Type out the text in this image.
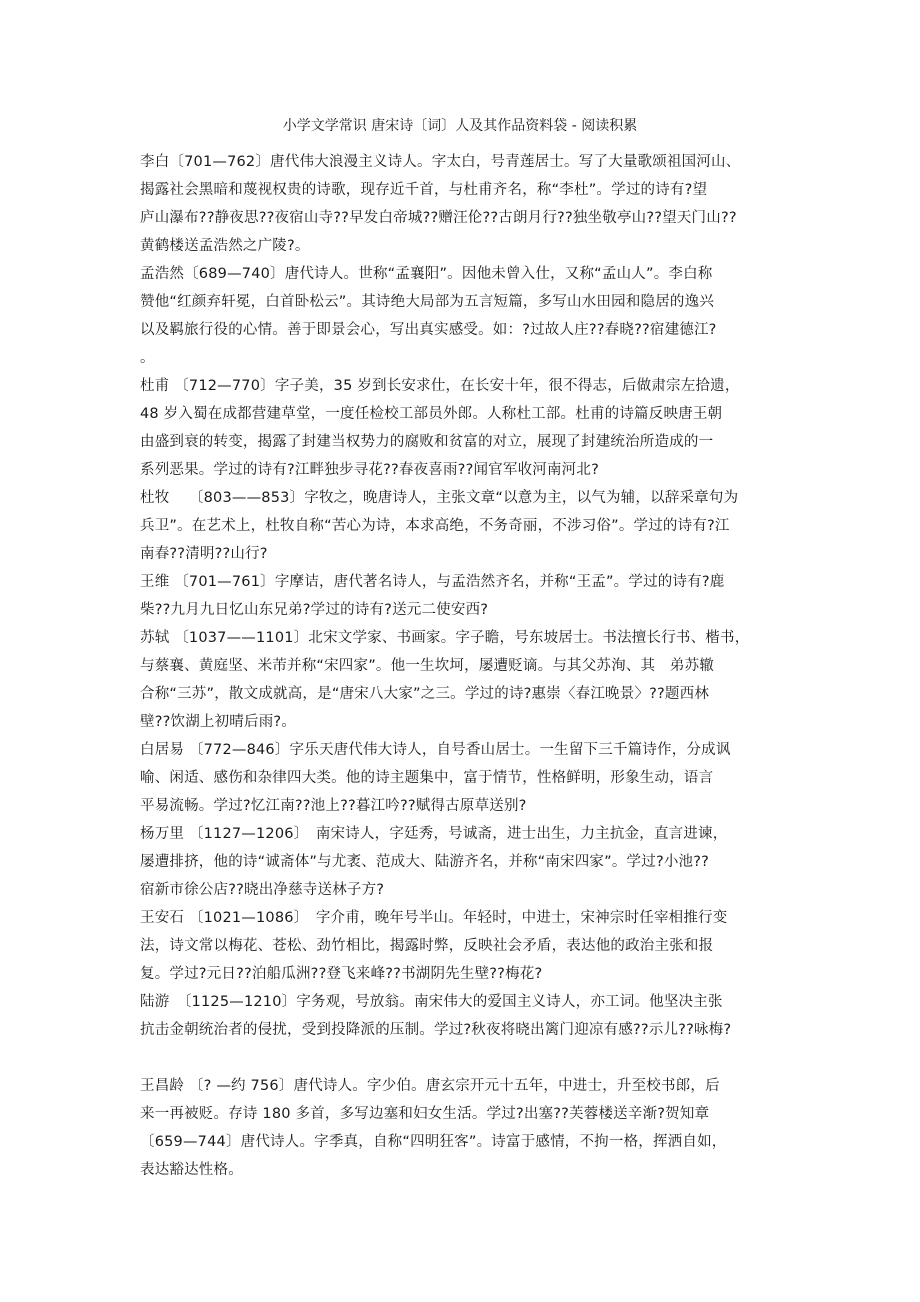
小学文学常识 唐宋诗〔词〕人及其作品资料袋 - 阅读积累
李白〔701—762〕唐代伟大浪漫主义诗人。字太白，号青莲居士。写了大量歌颂祖国河山、
揭露社会黑暗和蔑视权贵的诗歌，现存近千首，与杜甫齐名，称“李杜”。学过的诗有?望
庐山瀑布??静夜思??夜宿山寺??早发白帝城??赠汪伦??古朗月行??独坐敬亭山??望天门山??
黄鹤楼送孟浩然之广陵?。
孟浩然〔689—740〕唐代诗人。世称“孟襄阳”。因他未曾入仕，又称“孟山人”。李白称
赞他“红颜弃轩冕，白首卧松云”。其诗绝大局部为五言短篇，多写山水田园和隐居的逸兴
以及羁旅行役的心情。善于即景会心，写出真实感受。如：?过故人庄??春晓??宿建德江?
。
杜甫 〔712—770〕字子美，35 岁到长安求仕，在长安十年，很不得志，后做肃宗左拾遗，
48 岁入蜀在成都营建草堂，一度任检校工部员外郎。人称杜工部。杜甫的诗篇反映唐王朝
由盛到衰的转变，揭露了封建当权势力的腐败和贫富的对立，展现了封建统治所造成的一
系列恶果。学过的诗有?江畔独步寻花??春夜喜雨??闻官军收河南河北?
杜牧　 〔803——853〕字牧之，晚唐诗人，主张文章“以意为主，以气为辅，以辞采章句为
兵卫”。在艺术上，杜牧自称“苦心为诗，本求高绝，不务奇丽，不涉习俗”。学过的诗有?江
南春??清明??山行?
王维 〔701—761〕字摩诘，唐代著名诗人，与孟浩然齐名，并称“王孟”。学过的诗有?鹿
柴??九月九日忆山东兄弟?学过的诗有?送元二使安西?
苏轼 〔1037——1101〕北宋文学家、书画家。字子瞻，号东坡居士。书法擅长行书、楷书，
与蔡襄、黄庭坚、米芾并称“宋四家”。他一生坎坷，屡遭贬谪。与其父苏洵、其　弟苏辙
合称“三苏”，散文成就高，是“唐宋八大家”之三。学过的诗?惠崇〈春江晚景〉??题西林
壁??饮湖上初晴后雨?。
白居易 〔772—846〕字乐天唐代伟大诗人，自号香山居士。一生留下三千篇诗作，分成讽
喻、闲适、感伤和杂律四大类。他的诗主题集中，富于情节，性格鲜明，形象生动，语言
平易流畅。学过?忆江南??池上??暮江吟??赋得古原草送别?
杨万里 〔1127—1206〕　南宋诗人，字廷秀，号诚斋，进士出生，力主抗金，直言进谏，
屡遭排挤，他的诗“诚斋体”与尤袤、范成大、陆游齐名，并称“南宋四家”。学过?小池??
宿新市徐公店??晓出净慈寺送林子方?
王安石 〔1021—1086〕　字介甫，晚年号半山。年轻时，中进士，宋神宗时任宰相推行变
法，诗文常以梅花、苍松、劲竹相比，揭露时弊，反映社会矛盾，表达他的政治主张和报
复。学过?元日??泊船瓜洲??登飞来峰??书湖阴先生壁??梅花?
陆游　〔1125—1210〕字务观，号放翁。南宋伟大的爱国主义诗人，亦工词。他坚决主张
抗击金朝统治者的侵扰，受到投降派的压制。学过?秋夜将晓出篱门迎凉有感??示儿??咏梅?
王昌龄 〔? —约 756〕唐代诗人。字少伯。唐玄宗开元十五年，中进士，升至校书郎，后
来一再被贬。存诗 180 多首，多写边塞和妇女生活。学过?出塞??芙蓉楼送辛渐?贺知章
〔659—744〕唐代诗人。字季真，自称“四明狂客”。诗富于感情，不拘一格，挥洒自如，
表达豁达性格。
